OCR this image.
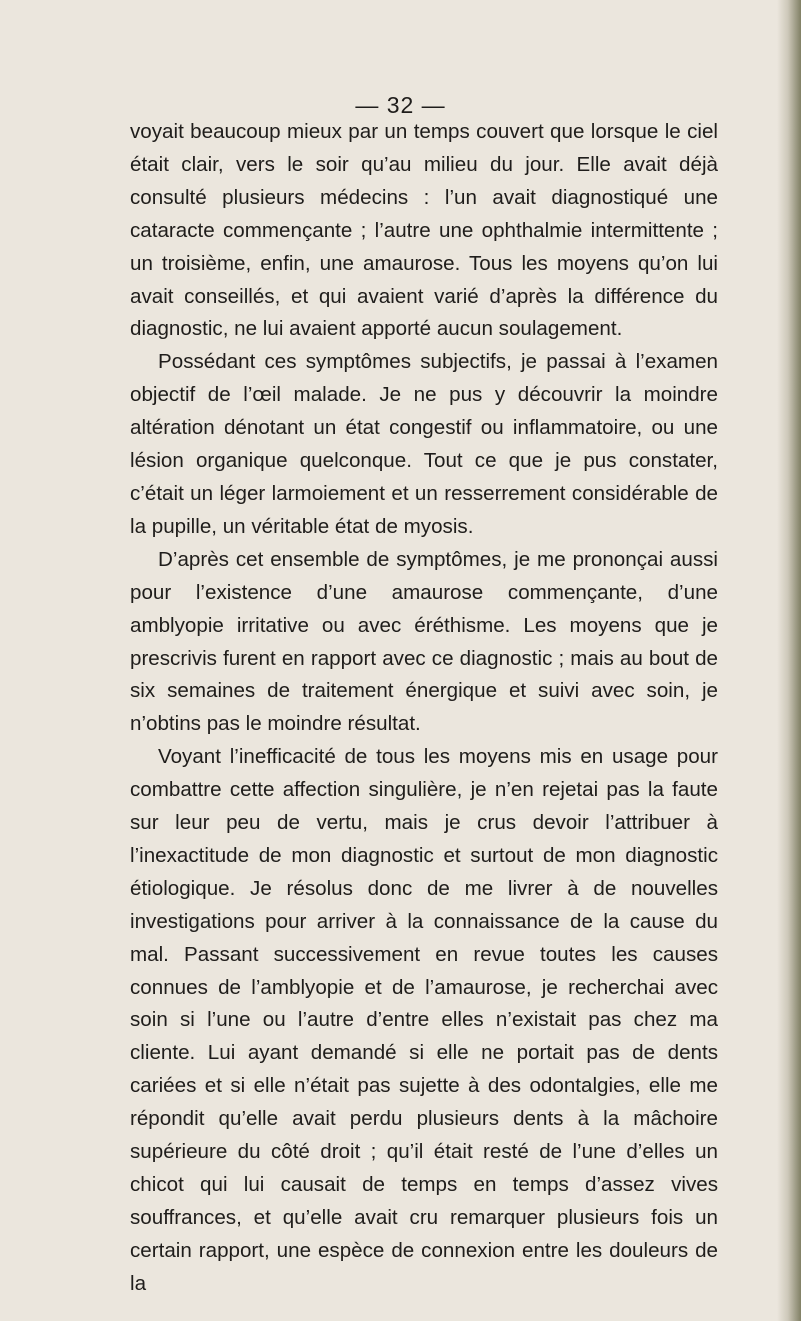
— 32 —

voyait beaucoup mieux par un temps couvert que lorsque le ciel était clair, vers le soir qu’au milieu du jour. Elle avait déjà consulté plusieurs médecins : l’un avait diagnostiqué une cataracte commençante ; l’autre une ophthalmie intermittente ; un troisième, enfin, une amaurose. Tous les moyens qu’on lui avait conseillés, et qui avaient varié d’après la différence du diagnostic, ne lui avaient apporté aucun soulagement.

Possédant ces symptômes subjectifs, je passai à l’examen objectif de l’œil malade. Je ne pus y découvrir la moindre altération dénotant un état congestif ou inflammatoire, ou une lésion organique quelconque. Tout ce que je pus constater, c’était un léger larmoiement et un resserrement considérable de la pupille, un véritable état de myosis.

D’après cet ensemble de symptômes, je me prononçai aussi pour l’existence d’une amaurose commençante, d’une amblyopie irritative ou avec éréthisme. Les moyens que je prescrivis furent en rapport avec ce diagnostic ; mais au bout de six semaines de traitement énergique et suivi avec soin, je n’obtins pas le moindre résultat.

Voyant l’inefficacité de tous les moyens mis en usage pour combattre cette affection singulière, je n’en rejetai pas la faute sur leur peu de vertu, mais je crus devoir l’attribuer à l’inexactitude de mon diagnostic et surtout de mon diagnostic étiologique. Je résolus donc de me livrer à de nouvelles investigations pour arriver à la connaissance de la cause du mal. Passant successivement en revue toutes les causes connues de l’amblyopie et de l’amaurose, je recherchai avec soin si l’une ou l’autre d’entre elles n’existait pas chez ma cliente. Lui ayant demandé si elle ne portait pas de dents cariées et si elle n’était pas sujette à des odontalgies, elle me répondit qu’elle avait perdu plusieurs dents à la mâchoire supérieure du côté droit ; qu’il était resté de l’une d’elles un chicot qui lui causait de temps en temps d’assez vives souffrances, et qu’elle avait cru remarquer plusieurs fois un certain rapport, une espèce de connexion entre les douleurs de la
